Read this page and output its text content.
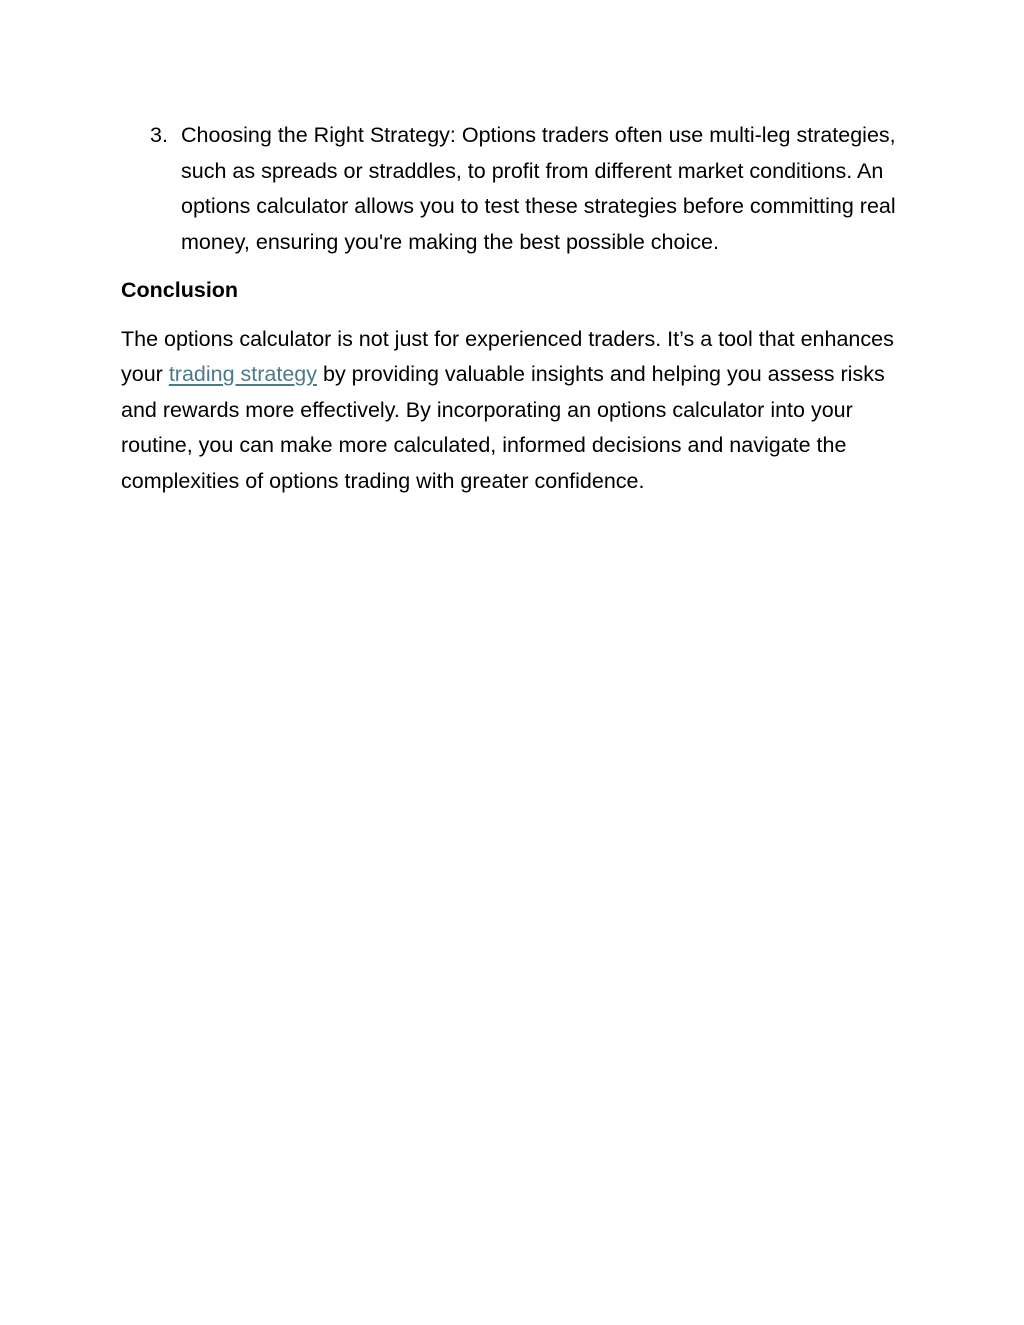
3. Choosing the Right Strategy: Options traders often use multi-leg strategies, such as spreads or straddles, to profit from different market conditions. An options calculator allows you to test these strategies before committing real money, ensuring you're making the best possible choice.

Conclusion

The options calculator is not just for experienced traders. It’s a tool that enhances your trading strategy by providing valuable insights and helping you assess risks and rewards more effectively. By incorporating an options calculator into your routine, you can make more calculated, informed decisions and navigate the complexities of options trading with greater confidence.
